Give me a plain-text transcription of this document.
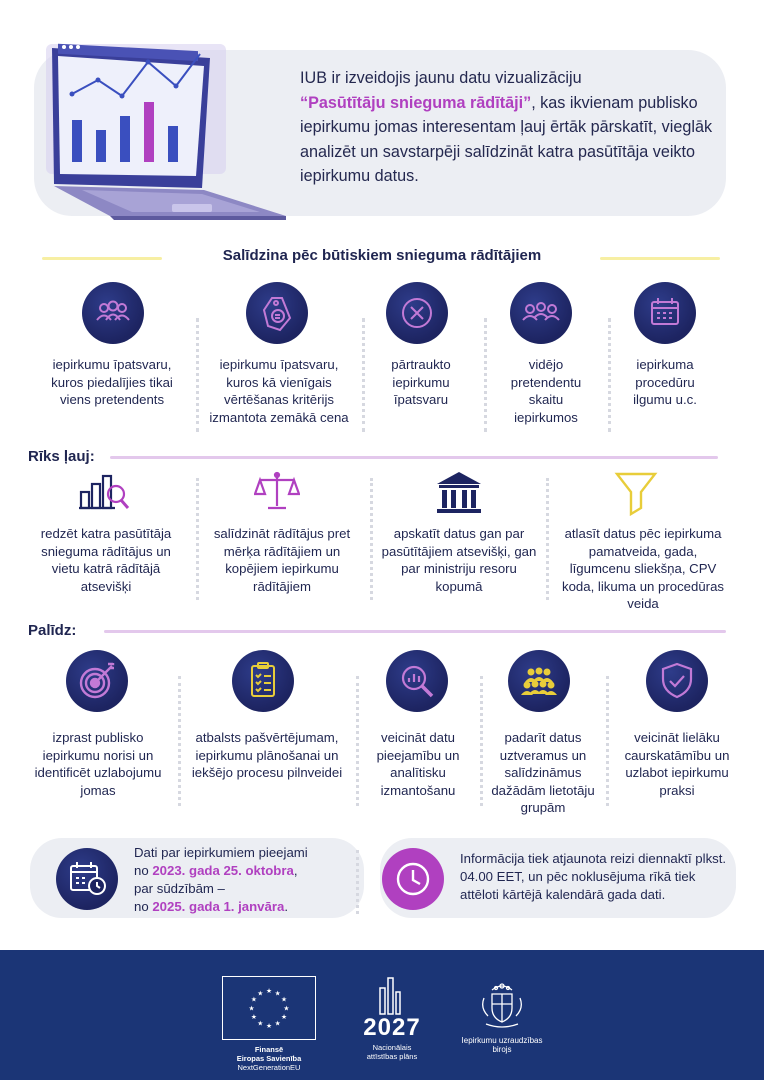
IUB ir izveidojis jaunu datu vizualizāciju
“Pasūtītāju snieguma rādītāji”, kas ikvienam publisko iepirkumu jomas interesentam ļauj ērtāk pārskatīt, vieglāk analizēt un savstarpēji salīdzināt katra pasūtītāja veikto iepirkumu datus.
Salīdzina pēc būtiskiem snieguma rādītājiem
iepirkumu īpatsvaru, kuros piedalījies tikai viens pretendents
iepirkumu īpatsvaru, kuros kā vienīgais vērtēšanas kritērijs izmantota zemākā cena
pārtraukto iepirkumu īpatsvaru
vidējo pretendentu skaitu iepirkumos
iepirkuma procedūru ilgumu u.c.
Rīks ļauj:
redzēt katra pasūtītāja snieguma rādītājus un vietu katrā rādītājā atsevišķi
salīdzināt rādītājus pret mērķa rādītājiem un kopējiem iepirkumu rādītājiem
apskatīt datus gan par pasūtītājiem atsevišķi, gan par ministriju resoru kopumā
atlasīt datus pēc iepirkuma pamatveida, gada, līgumcenu sliekšņa, CPV koda, likuma un procedūras veida
Palīdz:
izprast publisko iepirkumu norisi un identificēt uzlabojumu jomas
atbalsts pašvērtējumam, iepirkumu plānošanai un iekšējo procesu pilnveidei
veicināt datu pieejamību un analītisku izmantošanu
padarīt datus uztveramus un salīdzināmus dažādām lietotāju grupām
veicināt lielāku caurskatāmību un uzlabot iepirkumu praksi
Dati par iepirkumiem pieejami
no 2023. gada 25. oktobra,
par sūdzībām –
no 2025. gada 1. janvāra.
Informācija tiek atjaunota reizi diennaktī plkst. 04.00 EET, un pēc noklusējuma rīkā tiek attēloti kārtējā kalendārā gada dati.
★ ★
★
★
★
★
★
★
★
★
★
★
Finansē
Eiropas Savienība
NextGenerationEU
2027
Nacionālais
attīstības plāns
Iepirkumu uzraudzības
birojs
